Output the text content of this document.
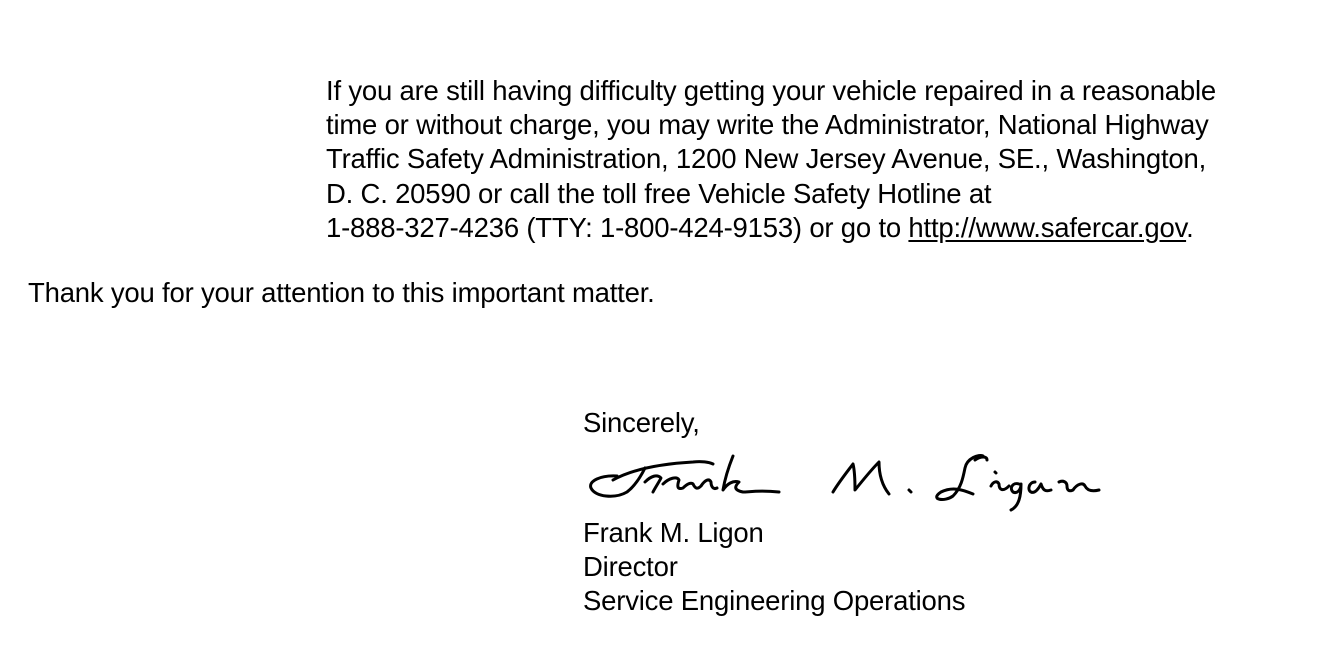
If you are still having difficulty getting your vehicle repaired in a reasonable
time or without charge, you may write the Administrator, National Highway
Traffic Safety Administration, 1200 New Jersey Avenue, SE., Washington,
D. C. 20590 or call the toll free Vehicle Safety Hotline at
1-888-327-4236 (TTY: 1-800-424-9153) or go to http://www.safercar.gov.
Thank you for your attention to this important matter.
Sincerely,
Frank M. Ligon
Director
Service Engineering Operations
